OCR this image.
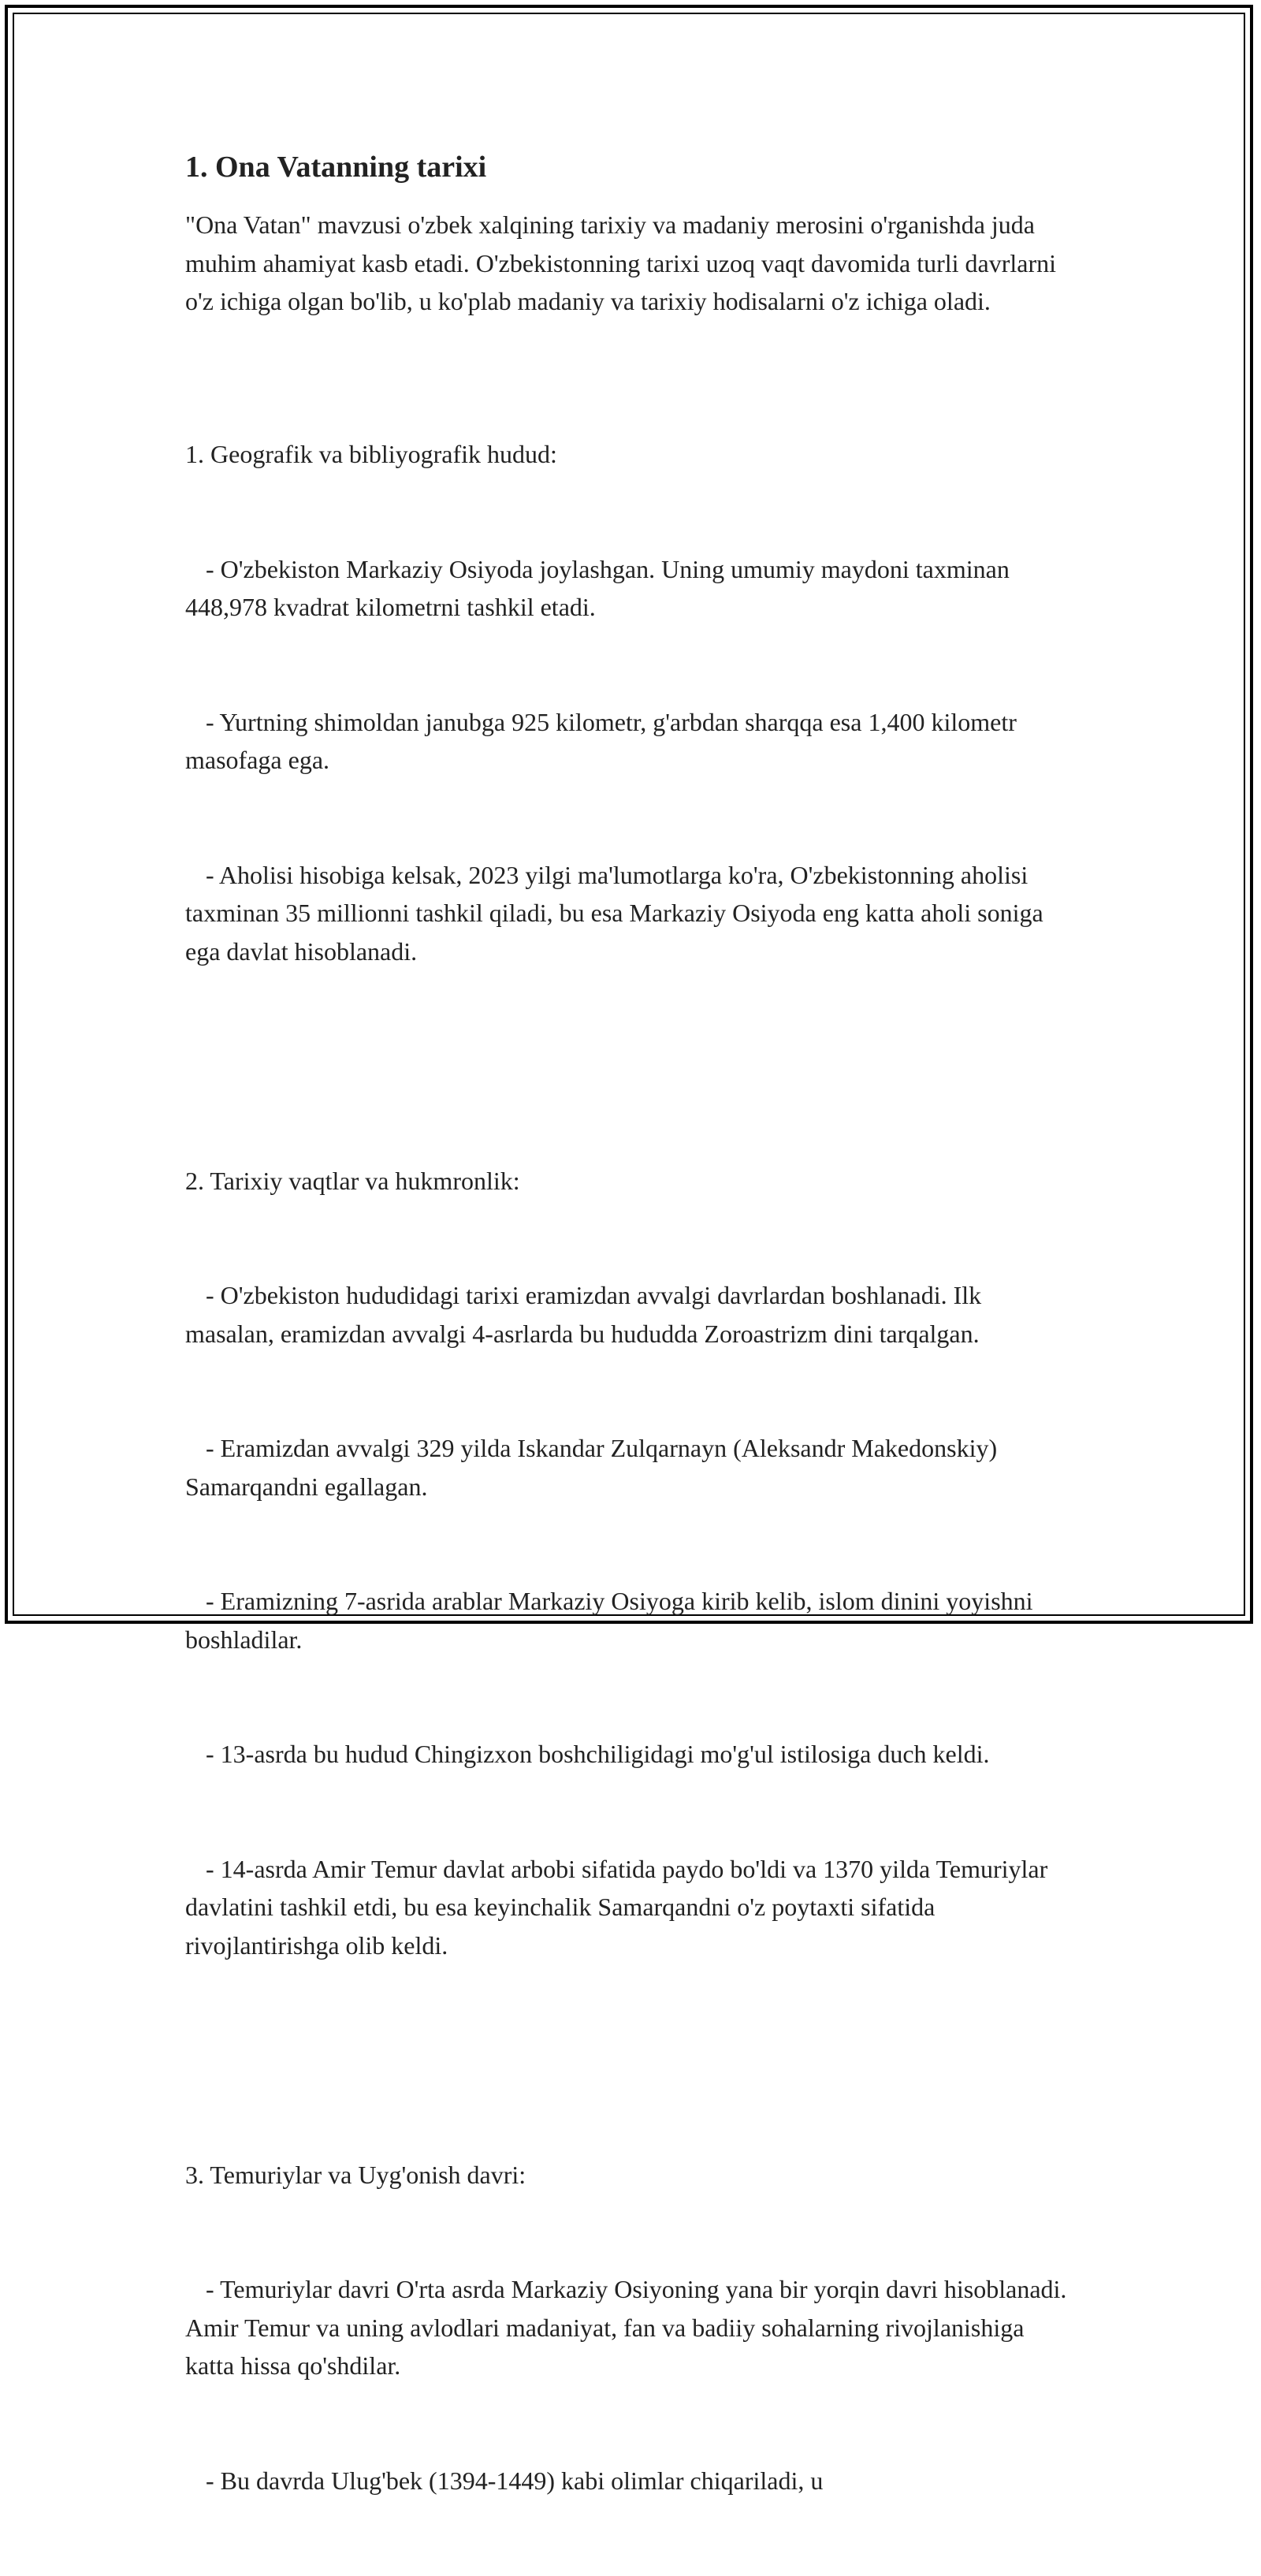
1. Ona Vatanning tarixi

"Ona Vatan" mavzusi o'zbek xalqining tarixiy va madaniy merosini o'rganishda juda muhim ahamiyat kasb etadi. O'zbekistonning tarixi uzoq vaqt davomida turli davrlarni o'z ichiga olgan bo'lib, u ko'plab madaniy va tarixiy hodisalarni o'z ichiga oladi.

1. Geografik va bibliyografik hudud:

- O'zbekiston Markaziy Osiyoda joylashgan. Uning umumiy maydoni taxminan 448,978 kvadrat kilometrni tashkil etadi.

- Yurtning shimoldan janubga 925 kilometr, g'arbdan sharqqa esa 1,400 kilometr masofaga ega.

- Aholisi hisobiga kelsak, 2023 yilgi ma'lumotlarga ko'ra, O'zbekistonning aholisi taxminan 35 millionni tashkil qiladi, bu esa Markaziy Osiyoda eng katta aholi soniga ega davlat hisoblanadi.

2. Tarixiy vaqtlar va hukmronlik:

- O'zbekiston hududidagi tarixi eramizdan avvalgi davrlardan boshlanadi. Ilk masalan, eramizdan avvalgi 4-asrlarda bu hududda Zoroastrizm dini tarqalgan.

- Eramizdan avvalgi 329 yilda Iskandar Zulqarnayn (Aleksandr Makedonskiy) Samarqandni egallagan.

- Eramizning 7-asrida arablar Markaziy Osiyoga kirib kelib, islom dinini yoyishni boshladilar.

- 13-asrda bu hudud Chingizxon boshchiligidagi mo'g'ul istilosiga duch keldi.

- 14-asrda Amir Temur davlat arbobi sifatida paydo bo'ldi va 1370 yilda Temuriylar davlatini tashkil etdi, bu esa keyinchalik Samarqandni o'z poytaxti sifatida rivojlantirishga olib keldi.

3. Temuriylar va Uyg'onish davri:

- Temuriylar davri O'rta asrda Markaziy Osiyoning yana bir yorqin davri hisoblanadi. Amir Temur va uning avlodlari madaniyat, fan va badiiy sohalarning rivojlanishiga katta hissa qo'shdilar.

- Bu davrda Ulug'bek (1394-1449) kabi olimlar chiqariladi, u
